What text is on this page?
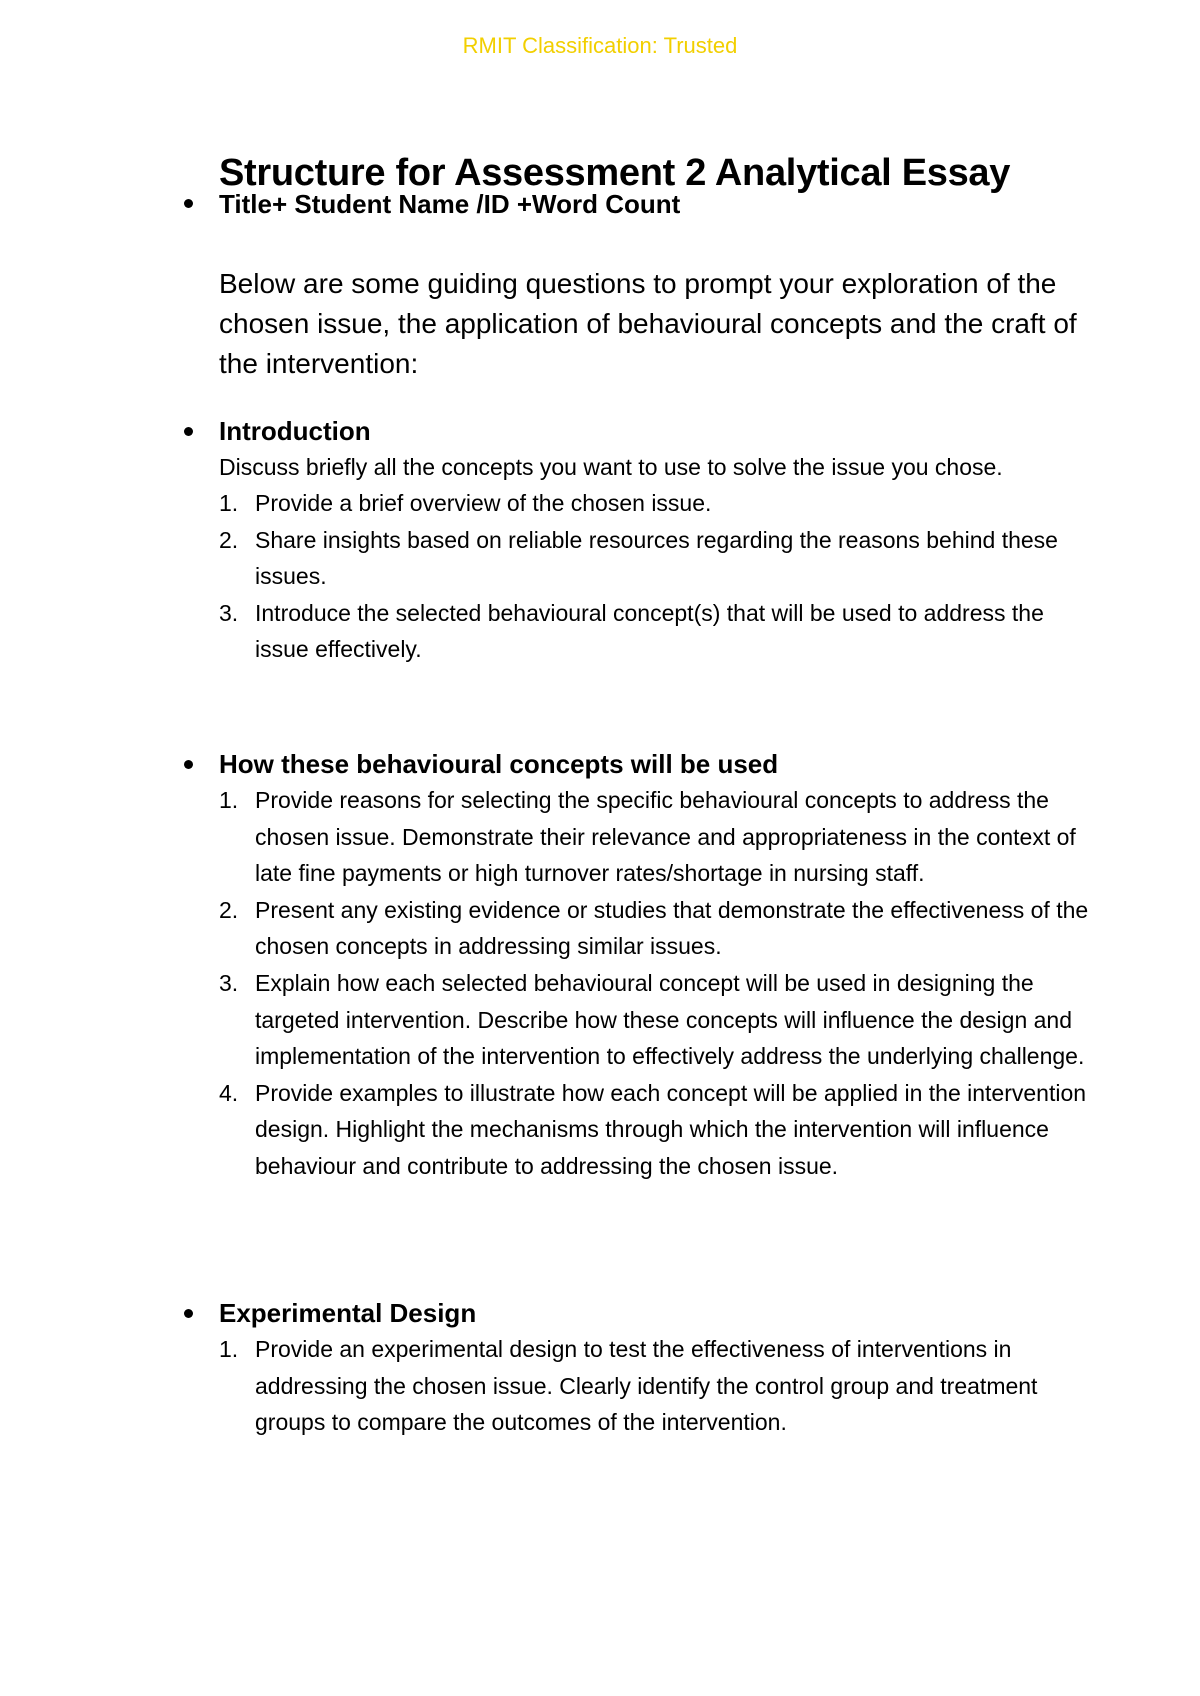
RMIT Classification: Trusted
Structure for Assessment 2 Analytical Essay
Title+ Student Name /ID +Word Count
Below are some guiding questions to prompt your exploration of the chosen issue, the application of behavioural concepts and the craft of the intervention:
Introduction

Discuss briefly all the concepts you want to use to solve the issue you chose.

1. Provide a brief overview of the chosen issue.
2. Share insights based on reliable resources regarding the reasons behind these issues.
3. Introduce the selected behavioural concept(s) that will be used to address the issue effectively.
How these behavioural concepts will be used
1. Provide reasons for selecting the specific behavioural concepts to address the chosen issue. Demonstrate their relevance and appropriateness in the context of late fine payments or high turnover rates/shortage in nursing staff.
2. Present any existing evidence or studies that demonstrate the effectiveness of the chosen concepts in addressing similar issues.
3. Explain how each selected behavioural concept will be used in designing the targeted intervention. Describe how these concepts will influence the design and implementation of the intervention to effectively address the underlying challenge.
4. Provide examples to illustrate how each concept will be applied in the intervention design. Highlight the mechanisms through which the intervention will influence behaviour and contribute to addressing the chosen issue.
Experimental Design
1. Provide an experimental design to test the effectiveness of interventions in addressing the chosen issue. Clearly identify the control group and treatment groups to compare the outcomes of the intervention.
